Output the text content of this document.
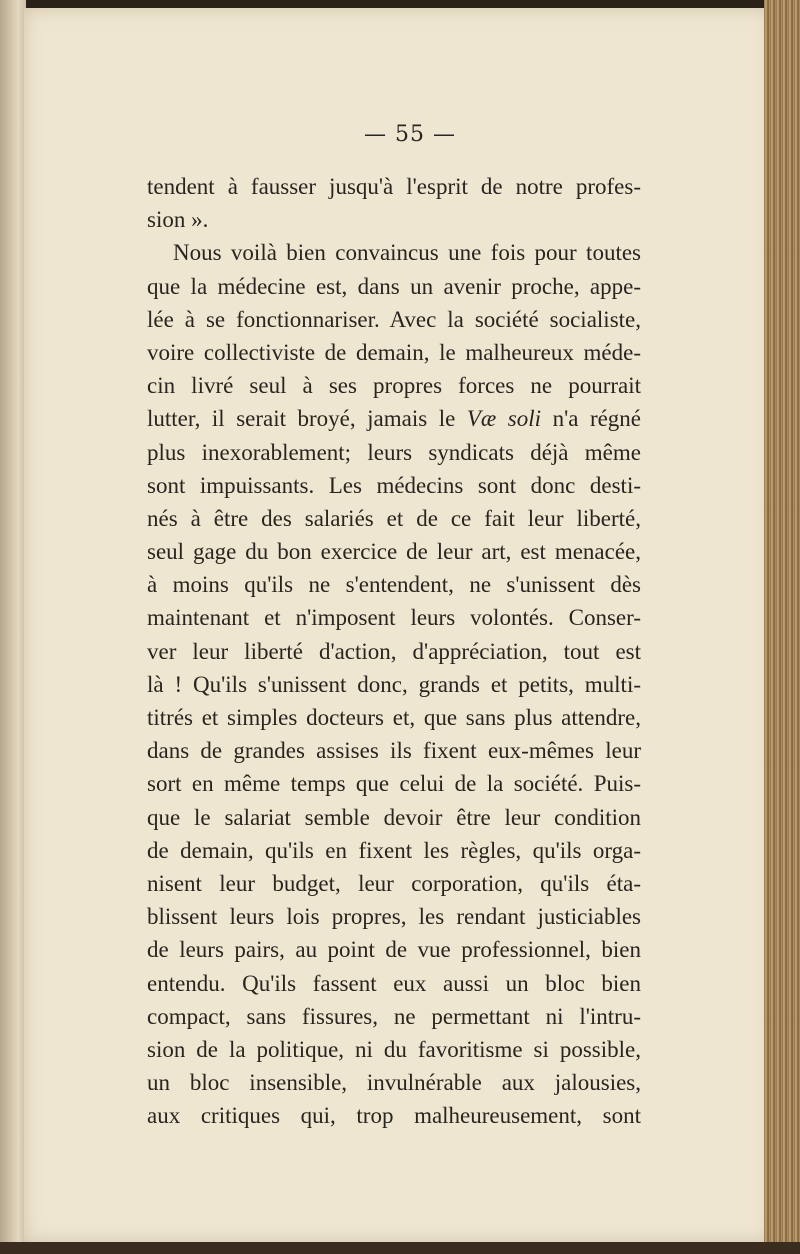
— 55 —
tendent à fausser jusqu'à l'esprit de notre profes-
sion ».
Nous voilà bien convaincus une fois pour toutes
que la médecine est, dans un avenir proche, appe-
lée à se fonctionnariser. Avec la société socialiste,
voire collectiviste de demain, le malheureux méde-
cin livré seul à ses propres forces ne pourrait
lutter, il serait broyé, jamais le Væ soli n'a régné
plus inexorablement; leurs syndicats déjà même
sont impuissants. Les médecins sont donc desti-
nés à être des salariés et de ce fait leur liberté,
seul gage du bon exercice de leur art, est menacée,
à moins qu'ils ne s'entendent, ne s'unissent dès
maintenant et n'imposent leurs volontés. Conser-
ver leur liberté d'action, d'appréciation, tout est
là ! Qu'ils s'unissent donc, grands et petits, multi-
titrés et simples docteurs et, que sans plus attendre,
dans de grandes assises ils fixent eux-mêmes leur
sort en même temps que celui de la société. Puis-
que le salariat semble devoir être leur condition
de demain, qu'ils en fixent les règles, qu'ils orga-
nisent leur budget, leur corporation, qu'ils éta-
blissent leurs lois propres, les rendant justiciables
de leurs pairs, au point de vue professionnel, bien
entendu. Qu'ils fassent eux aussi un bloc bien
compact, sans fissures, ne permettant ni l'intru-
sion de la politique, ni du favoritisme si possible,
un bloc insensible, invulnérable aux jalousies,
aux critiques qui, trop malheureusement, sont
